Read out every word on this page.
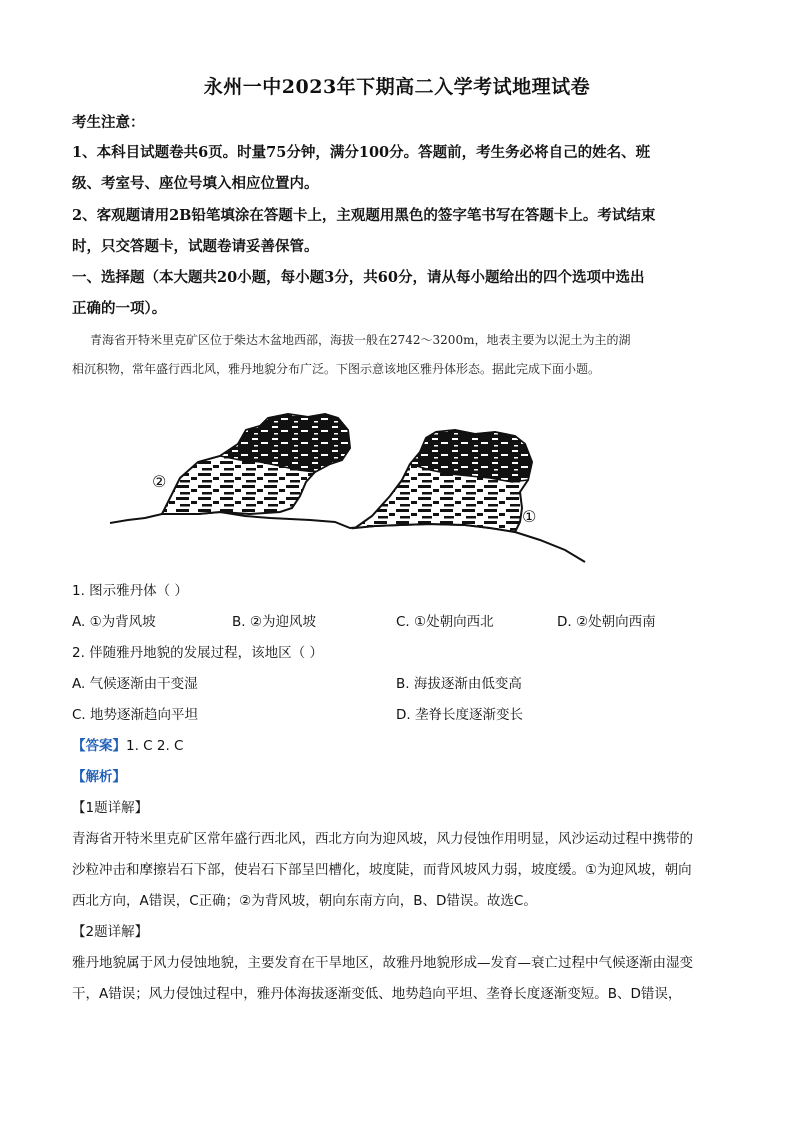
永州一中2023年下期高二入学考试地理试卷
考生注意：
1、本科目试题卷共6页。时量75分钟，满分100分。答题前，考生务必将自己的姓名、班
级、考室号、座位号填入相应位置内。
2、客观题请用2B铅笔填涂在答题卡上，主观题用黑色的签字笔书写在答题卡上。考试结束
时，只交答题卡，试题卷请妥善保管。
一、选择题（本大题共20小题，每小题3分，共60分，请从每小题给出的四个选项中选出
正确的一项）。
青海省开特米里克矿区位于柴达木盆地西部，海拔一般在2742～3200m，地表主要为以泥土为主的湖
相沉积物，常年盛行西北风，雅丹地貌分布广泛。下图示意该地区雅丹体形态。据此完成下面小题。
②
①
1. 图示雅丹体（ ）
A. ①为背风坡	B. ②为迎风坡	C. ①处朝向西北	D. ②处朝向西南
2. 伴随雅丹地貌的发展过程，该地区（ ）
A. 气候逐渐由干变湿	B. 海拔逐渐由低变高
C. 地势逐渐趋向平坦	D. 垄脊长度逐渐变长
【答案】1. C 2. C
【解析】
【1题详解】
青海省开特米里克矿区常年盛行西北风，西北方向为迎风坡，风力侵蚀作用明显，风沙运动过程中携带的
沙粒冲击和摩擦岩石下部，使岩石下部呈凹槽化，坡度陡，而背风坡风力弱，坡度缓。①为迎风坡，朝向
西北方向，A错误，C正确；②为背风坡，朝向东南方向，B、D错误。故选C。
【2题详解】
雅丹地貌属于风力侵蚀地貌，主要发育在干旱地区，故雅丹地貌形成—发育—衰亡过程中气候逐渐由湿变
干，A错误；风力侵蚀过程中，雅丹体海拔逐渐变低、地势趋向平坦、垄脊长度逐渐变短。B、D错误，
